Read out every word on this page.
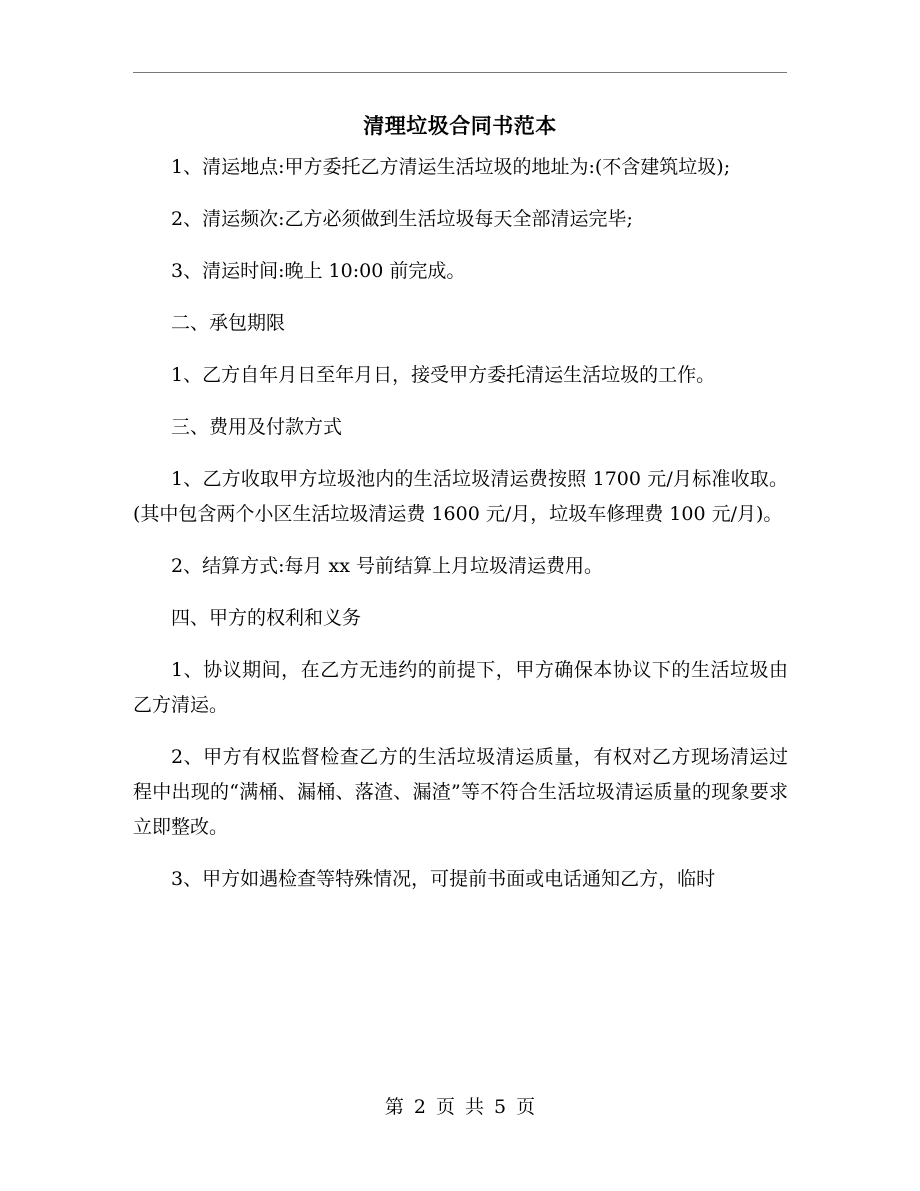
清理垃圾合同书范本

1、清运地点:甲方委托乙方清运生活垃圾的地址为:(不含建筑垃圾);

2、清运频次:乙方必须做到生活垃圾每天全部清运完毕;

3、清运时间:晚上 10:00 前完成。

二、承包期限

1、乙方自年月日至年月日，接受甲方委托清运生活垃圾的工作。

三、费用及付款方式

1、乙方收取甲方垃圾池内的生活垃圾清运费按照 1700 元/月标准收取。(其中包含两个小区生活垃圾清运费 1600 元/月，垃圾车修理费 100 元/月)。

2、结算方式:每月 xx 号前结算上月垃圾清运费用。

四、甲方的权利和义务

1、协议期间，在乙方无违约的前提下，甲方确保本协议下的生活垃圾由乙方清运。

2、甲方有权监督检查乙方的生活垃圾清运质量，有权对乙方现场清运过程中出现的“满桶、漏桶、落渣、漏渣”等不符合生活垃圾清运质量的现象要求立即整改。

3、甲方如遇检查等特殊情况，可提前书面或电话通知乙方，临时

第 2 页 共 5 页
